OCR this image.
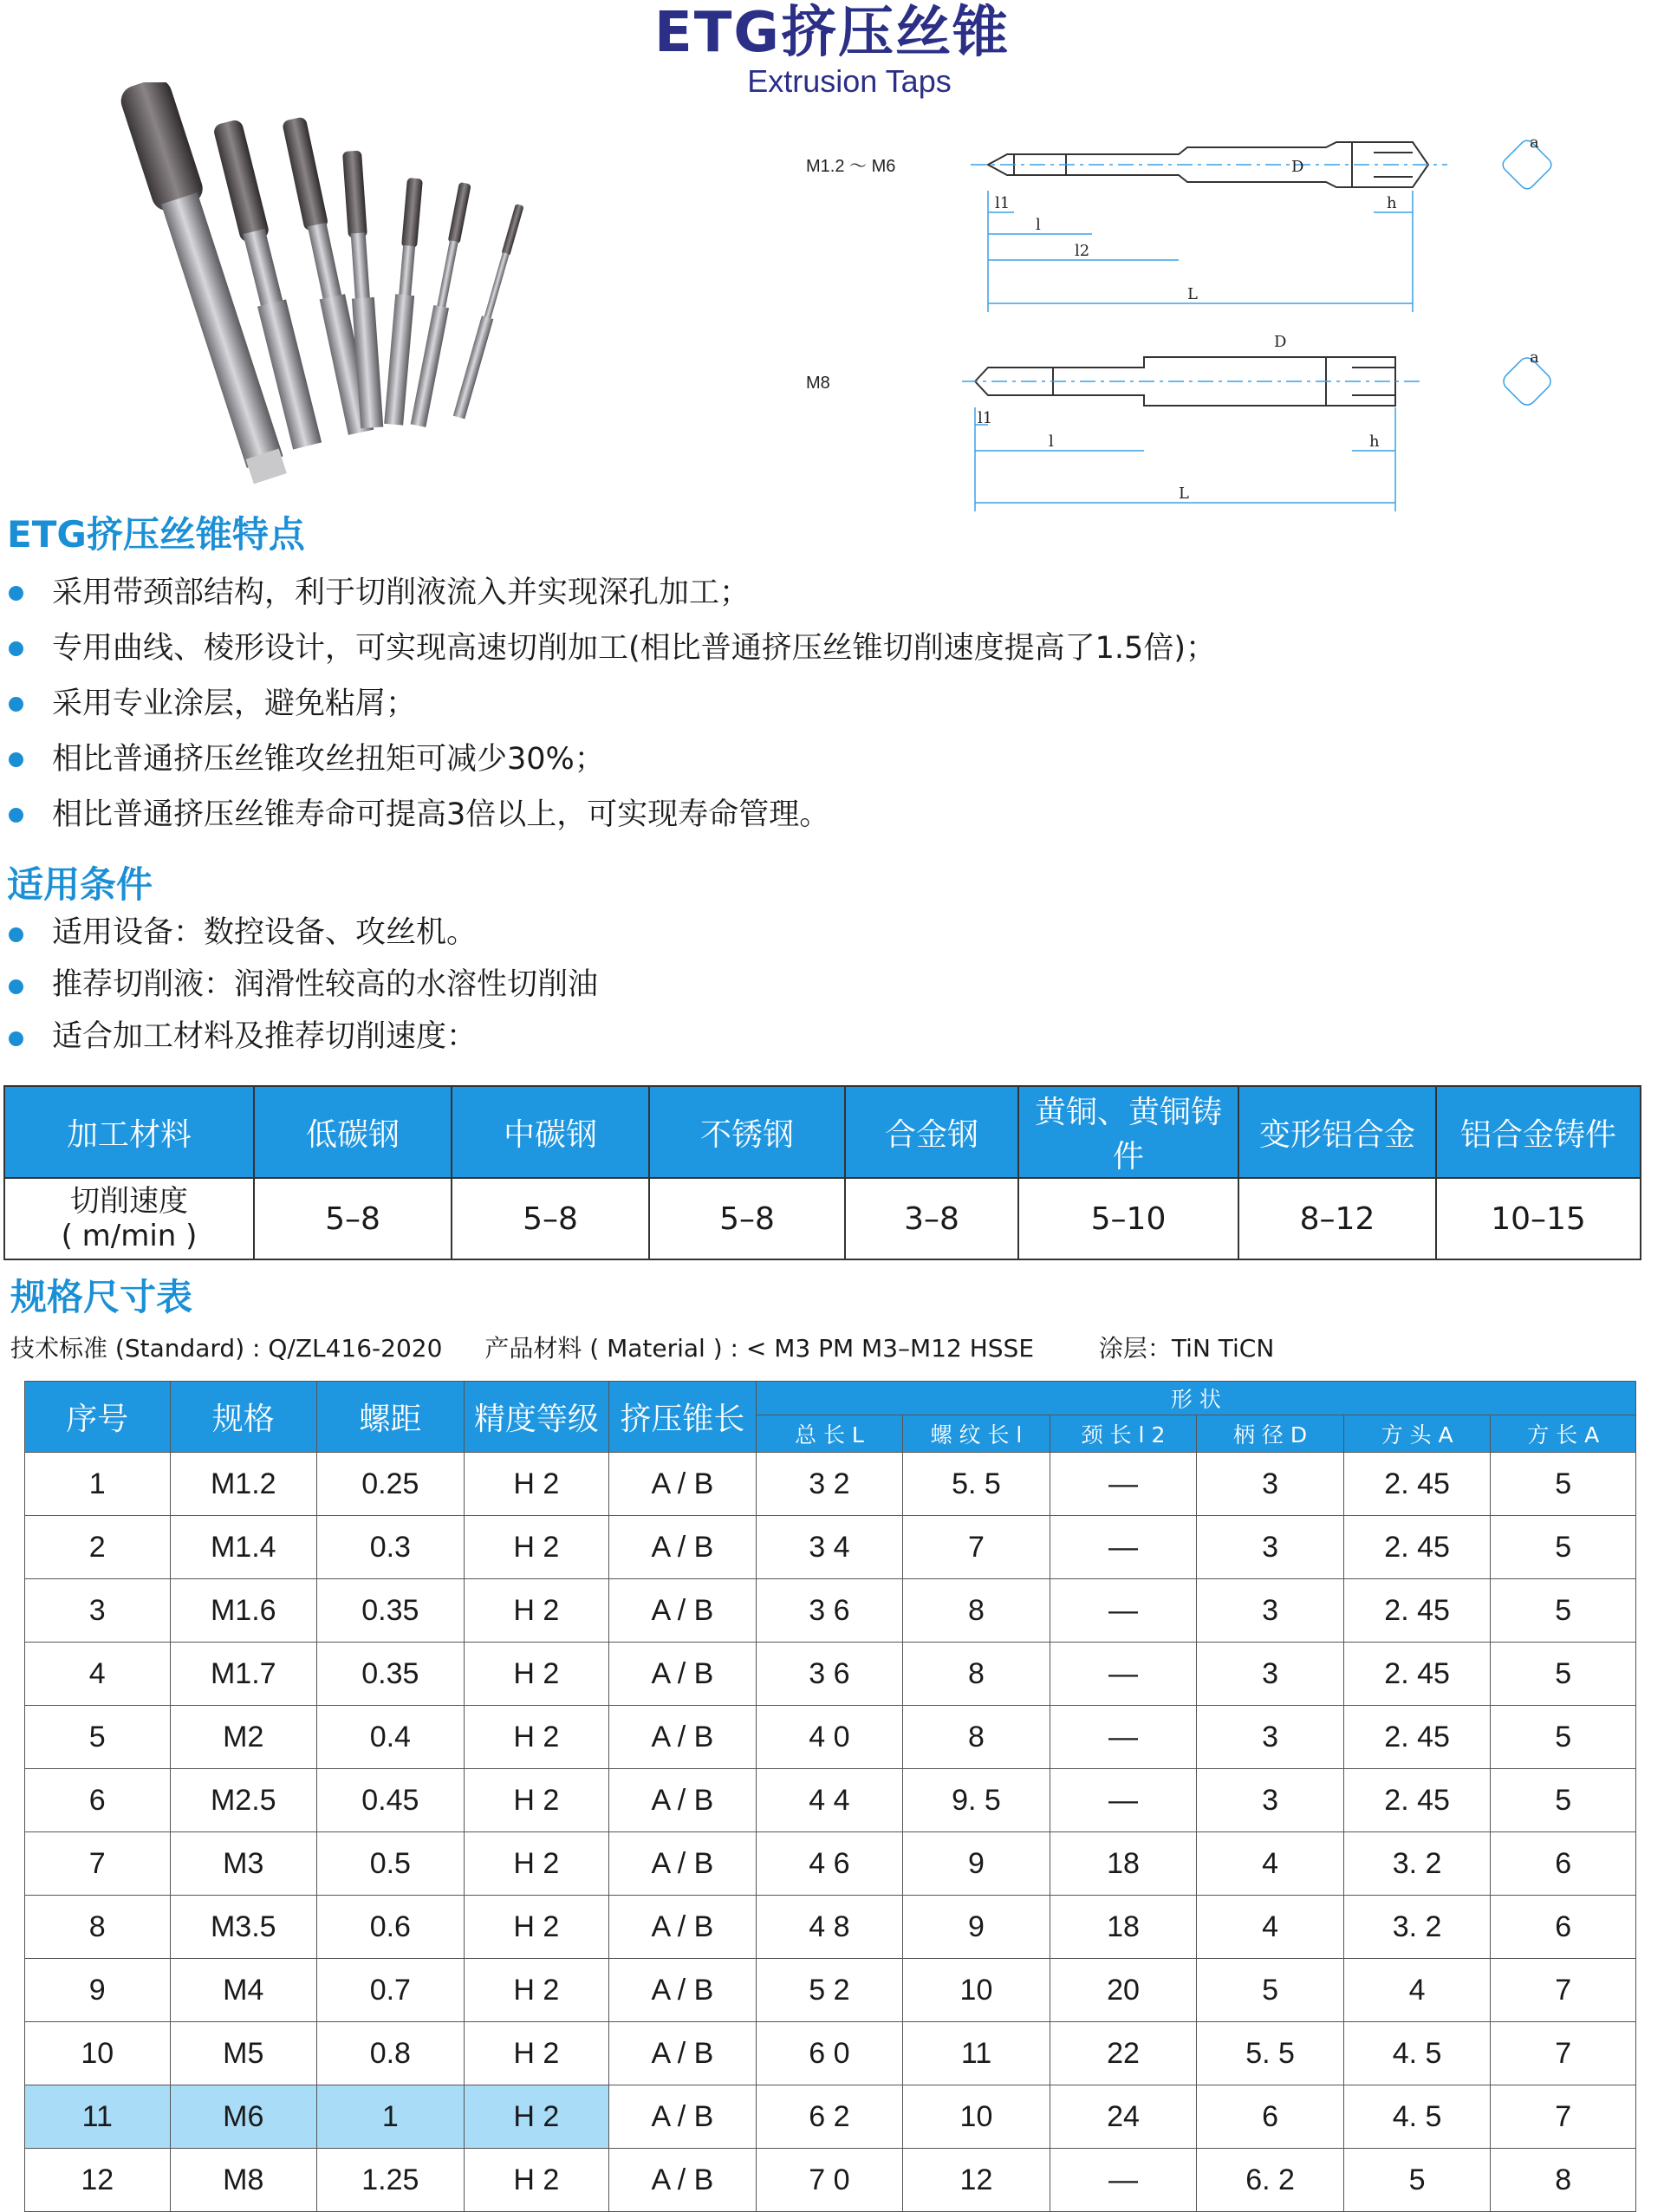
ETG挤压丝锥
Extrusion Taps
M1.2 ～ M6
M8
D
a
l1
l
l2
L
h
D
a
l1
l
L
h
ETG挤压丝锥特点
采用带颈部结构，利于切削液流入并实现深孔加工；
专用曲线、棱形设计，可实现高速切削加工(相比普通挤压丝锥切削速度提高了1.5倍)；
采用专业涂层，避免粘屑；
相比普通挤压丝锥攻丝扭矩可减少30%；
相比普通挤压丝锥寿命可提高3倍以上，可实现寿命管理。
适用条件
适用设备：数控设备、攻丝机。
推荐切削液：润滑性较高的水溶性切削油
适合加工材料及推荐切削速度：
加工材料	低碳钢	中碳钢	不锈钢	合金钢	黄铜、黄铜铸件	变形铝合金	铝合金铸件

切削速度
( m/min )	5–8	5–8	5–8	3–8	5–10	8–12	10–15
规格尺寸表
技术标准 (Standard) : Q/ZL416-2020 产品材料 ( Material ) : < M3 PM M3–M12 HSSE	涂层：TiN TiCN
序号	规格	螺距	精度等级	挤压锥长	形 状					
					总 长 L	螺 纹 长 l	颈 长 l 2	柄 径 D	方 头 A	方 长 A
1	M1.2	0.25	H 2	A / B	3 2	5. 5	—	3	2. 45	5
2	M1.4	0.3	H 2	A / B	3 4	7	—	3	2. 45	5
3	M1.6	0.35	H 2	A / B	3 6	8	—	3	2. 45	5
4	M1.7	0.35	H 2	A / B	3 6	8	—	3	2. 45	5
5	M2	0.4	H 2	A / B	4 0	8	—	3	2. 45	5
6	M2.5	0.45	H 2	A / B	4 4	9. 5	—	3	2. 45	5
7	M3	0.5	H 2	A / B	4 6	9	18	4	3. 2	6
8	M3.5	0.6	H 2	A / B	4 8	9	18	4	3. 2	6
9	M4	0.7	H 2	A / B	5 2	10	20	5	4	7
10	M5	0.8	H 2	A / B	6 0	11	22	5. 5	4. 5	7
11	M6	1	H 2	A / B	6 2	10	24	6	4. 5	7
12	M8	1.25	H 2	A / B	7 0	12	—	6. 2	5	8
